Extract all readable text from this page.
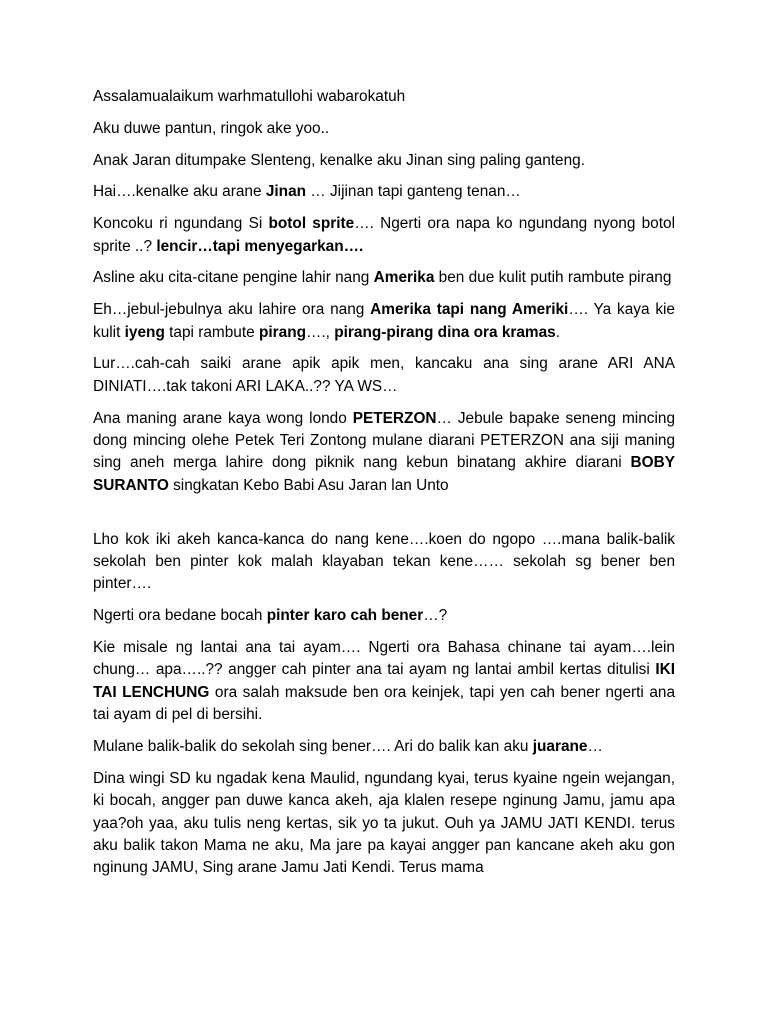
Assalamualaikum warhmatullohi wabarokatuh

Aku duwe pantun, ringok ake yoo..

Anak Jaran ditumpake Slenteng, kenalke aku Jinan sing paling ganteng.

Hai….kenalke aku arane Jinan … Jijinan tapi ganteng tenan…

Koncoku ri ngundang Si botol sprite…. Ngerti ora napa ko ngundang nyong botol sprite ..? lencir…tapi menyegarkan….

Asline aku cita-citane pengine lahir nang Amerika ben due kulit putih rambute pirang

Eh…jebul-jebulnya aku lahire ora nang Amerika tapi nang Ameriki…. Ya kaya kie kulit iyeng tapi rambute pirang…., pirang-pirang dina ora kramas.

Lur….cah-cah saiki arane apik apik men, kancaku ana sing arane ARI ANA DINIATI….tak takoni ARI LAKA..?? YA WS…

Ana maning arane kaya wong londo PETERZON… Jebule bapake seneng mincing dong mincing olehe Petek Teri Zontong mulane diarani PETERZON ana siji maning sing aneh merga lahire dong piknik nang kebun binatang akhire diarani BOBY SURANTO singkatan Kebo Babi Asu Jaran lan Unto

Lho kok iki akeh kanca-kanca do nang kene….koen do ngopo ….mana balik-balik sekolah ben pinter kok malah klayaban tekan kene…… sekolah sg bener ben pinter….

Ngerti ora bedane bocah pinter karo cah bener…?

Kie misale ng lantai ana tai ayam…. Ngerti ora Bahasa chinane tai ayam….lein chung… apa…..?? angger cah pinter ana tai ayam ng lantai ambil kertas ditulisi IKI TAI LENCHUNG ora salah maksude ben ora keinjek, tapi yen cah bener ngerti ana tai ayam di pel di bersihi.

Mulane balik-balik do sekolah sing bener…. Ari do balik kan aku juarane…

Dina wingi SD ku ngadak kena Maulid, ngundang kyai, terus kyaine ngein wejangan, ki bocah, angger pan duwe kanca akeh, aja klalen resepe nginung Jamu, jamu apa yaa?oh yaa, aku tulis neng kertas, sik yo ta jukut. Ouh ya JAMU JATI KENDI. terus aku balik takon Mama ne aku, Ma jare pa kayai angger pan kancane akeh aku gon nginung JAMU, Sing arane Jamu Jati Kendi. Terus mama
